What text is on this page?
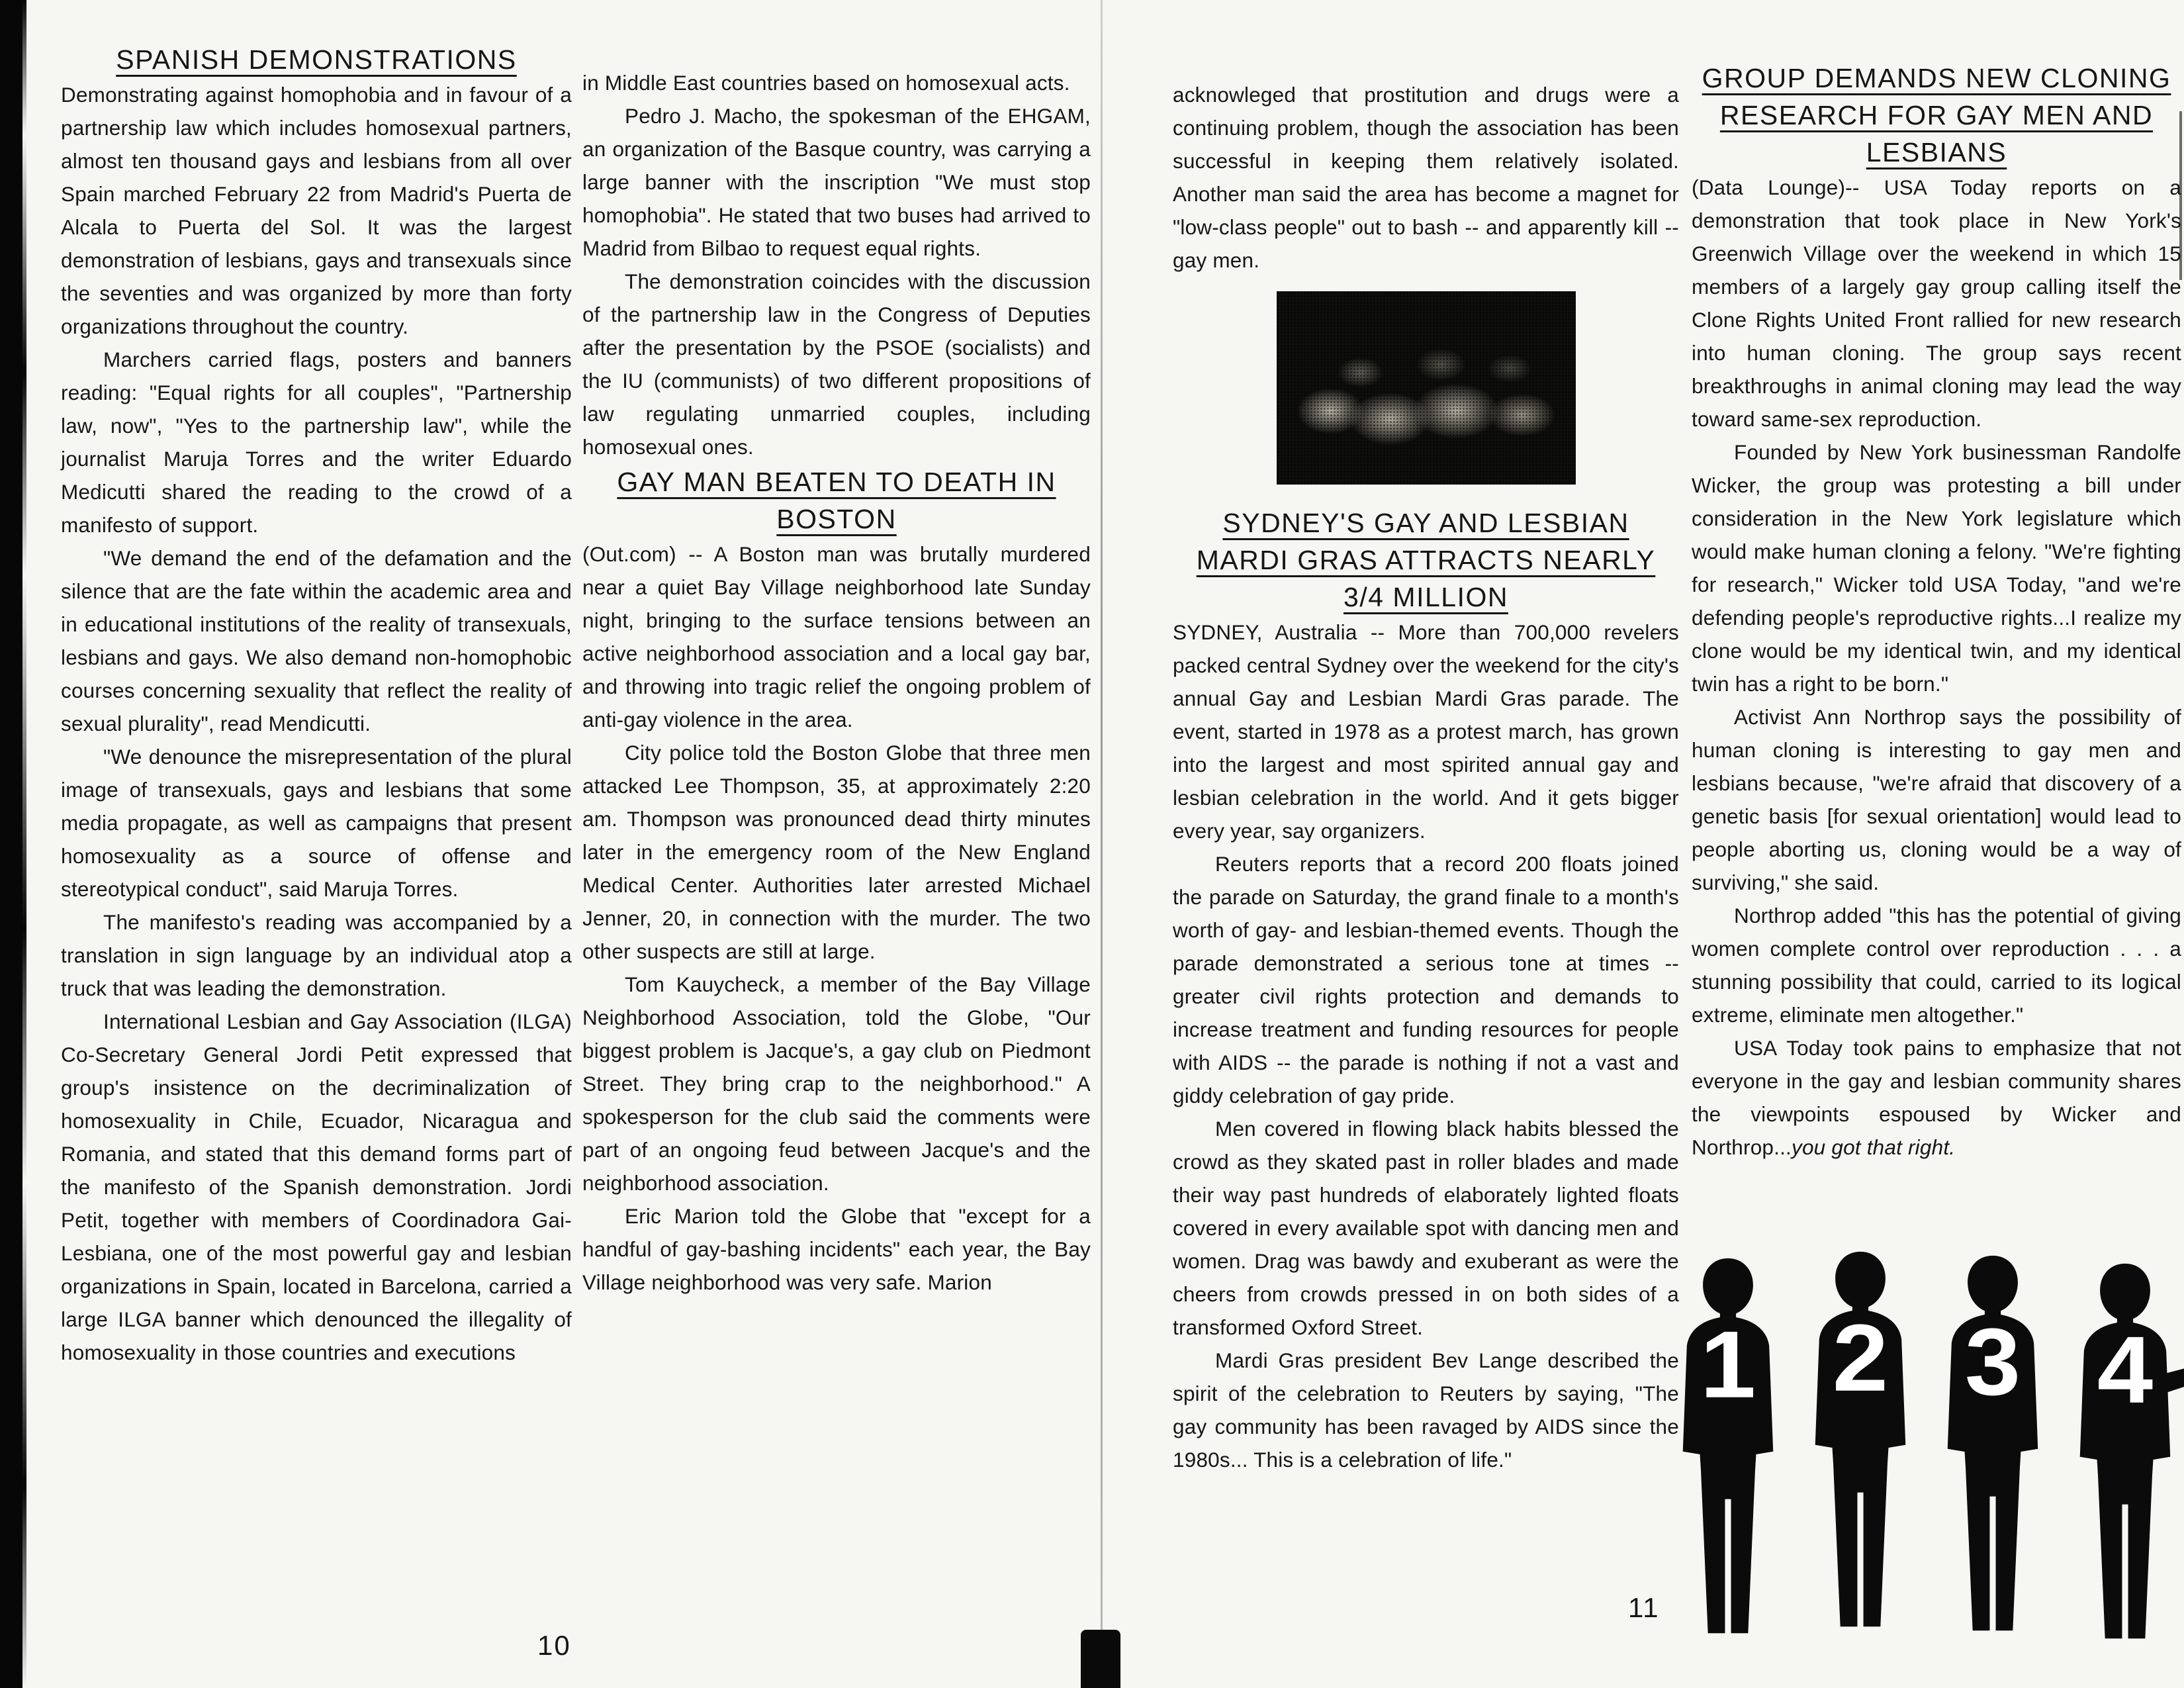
SPANISH DEMONSTRATIONS

Demonstrating against homophobia and in favour of a partnership law which includes homosexual partners, almost ten thousand gays and lesbians from all over Spain marched February 22 from Madrid's Puerta de Alcala to Puerta del Sol. It was the largest demonstration of lesbians, gays and transexuals since the seventies and was organized by more than forty organizations throughout the country.

Marchers carried flags, posters and banners reading: "Equal rights for all couples", "Partnership law, now", "Yes to the partnership law", while the journalist Maruja Torres and the writer Eduardo Medicutti shared the reading to the crowd of a manifesto of support.

"We demand the end of the defamation and the silence that are the fate within the academic area and in educational institutions of the reality of transexuals, lesbians and gays. We also demand non-homophobic courses concerning sexuality that reflect the reality of sexual plurality", read Mendicutti.

"We denounce the misrepresentation of the plural image of transexuals, gays and lesbians that some media propagate, as well as campaigns that present homosexuality as a source of offense and stereotypical conduct", said Maruja Torres.

The manifesto's reading was accompanied by a translation in sign language by an individual atop a truck that was leading the demonstration.

International Lesbian and Gay Association (ILGA) Co-Secretary General Jordi Petit expressed that group's insistence on the decriminalization of homosexuality in Chile, Ecuador, Nicaragua and Romania, and stated that this demand forms part of the manifesto of the Spanish demonstration. Jordi Petit, together with members of Coordinadora Gai-Lesbiana, one of the most powerful gay and lesbian organizations in Spain, located in Barcelona, carried a large ILGA banner which denounced the illegality of homosexuality in those countries and executions

in Middle East countries based on homosexual acts.

Pedro J. Macho, the spokesman of the EHGAM, an organization of the Basque country, was carrying a large banner with the inscription "We must stop homophobia". He stated that two buses had arrived to Madrid from Bilbao to request equal rights.

The demonstration coincides with the discussion of the partnership law in the Congress of Deputies after the presentation by the PSOE (socialists) and the IU (communists) of two different propositions of law regulating unmarried couples, including homosexual ones.

GAY MAN BEATEN TO DEATH IN BOSTON

(Out.com) -- A Boston man was brutally murdered near a quiet Bay Village neighborhood late Sunday night, bringing to the surface tensions between an active neighborhood association and a local gay bar, and throwing into tragic relief the ongoing problem of anti-gay violence in the area.

City police told the Boston Globe that three men attacked Lee Thompson, 35, at approximately 2:20 am. Thompson was pronounced dead thirty minutes later in the emergency room of the New England Medical Center. Authorities later arrested Michael Jenner, 20, in connection with the murder. The two other suspects are still at large.

Tom Kauycheck, a member of the Bay Village Neighborhood Association, told the Globe, "Our biggest problem is Jacque's, a gay club on Piedmont Street. They bring crap to the neighborhood." A spokesperson for the club said the comments were part of an ongoing feud between Jacque's and the neighborhood association.

Eric Marion told the Globe that "except for a handful of gay-bashing incidents" each year, the Bay Village neighborhood was very safe. Marion

acknowleged that prostitution and drugs were a continuing problem, though the association has been successful in keeping them relatively isolated. Another man said the area has become a magnet for "low-class people" out to bash -- and apparently kill -- gay men.

SYDNEY'S GAY AND LESBIAN MARDI GRAS ATTRACTS NEARLY 3/4 MILLION

SYDNEY, Australia -- More than 700,000 revelers packed central Sydney over the weekend for the city's annual Gay and Lesbian Mardi Gras parade. The event, started in 1978 as a protest march, has grown into the largest and most spirited annual gay and lesbian celebration in the world. And it gets bigger every year, say organizers.

Reuters reports that a record 200 floats joined the parade on Saturday, the grand finale to a month's worth of gay- and lesbian-themed events. Though the parade demonstrated a serious tone at times -- greater civil rights protection and demands to increase treatment and funding resources for people with AIDS -- the parade is nothing if not a vast and giddy celebration of gay pride.

Men covered in flowing black habits blessed the crowd as they skated past in roller blades and made their way past hundreds of elaborately lighted floats covered in every available spot with dancing men and women. Drag was bawdy and exuberant as were the cheers from crowds pressed in on both sides of a transformed Oxford Street.

Mardi Gras president Bev Lange described the spirit of the celebration to Reuters by saying, "The gay community has been ravaged by AIDS since the 1980s... This is a celebration of life."

GROUP DEMANDS NEW CLONING RESEARCH FOR GAY MEN AND LESBIANS

(Data Lounge)-- USA Today reports on a demonstration that took place in New York's Greenwich Village over the weekend in which 15 members of a largely gay group calling itself the Clone Rights United Front rallied for new research into human cloning. The group says recent breakthroughs in animal cloning may lead the way toward same-sex reproduction.

Founded by New York businessman Randolfe Wicker, the group was protesting a bill under consideration in the New York legislature which would make human cloning a felony. "We're fighting for research," Wicker told USA Today, "and we're defending people's reproductive rights...I realize my clone would be my identical twin, and my identical twin has a right to be born."

Activist Ann Northrop says the possibility of human cloning is interesting to gay men and lesbians because, "we're afraid that discovery of a genetic basis [for sexual orientation] would lead to people aborting us, cloning would be a way of surviving," she said.

Northrop added "this has the potential of giving women complete control over reproduction . . . a stunning possibility that could, carried to its logical extreme, eliminate men altogether."

USA Today took pains to emphasize that not everyone in the gay and lesbian community shares the viewpoints espoused by Wicker and Northrop...you got that right.

1 2 3 4
10
11
